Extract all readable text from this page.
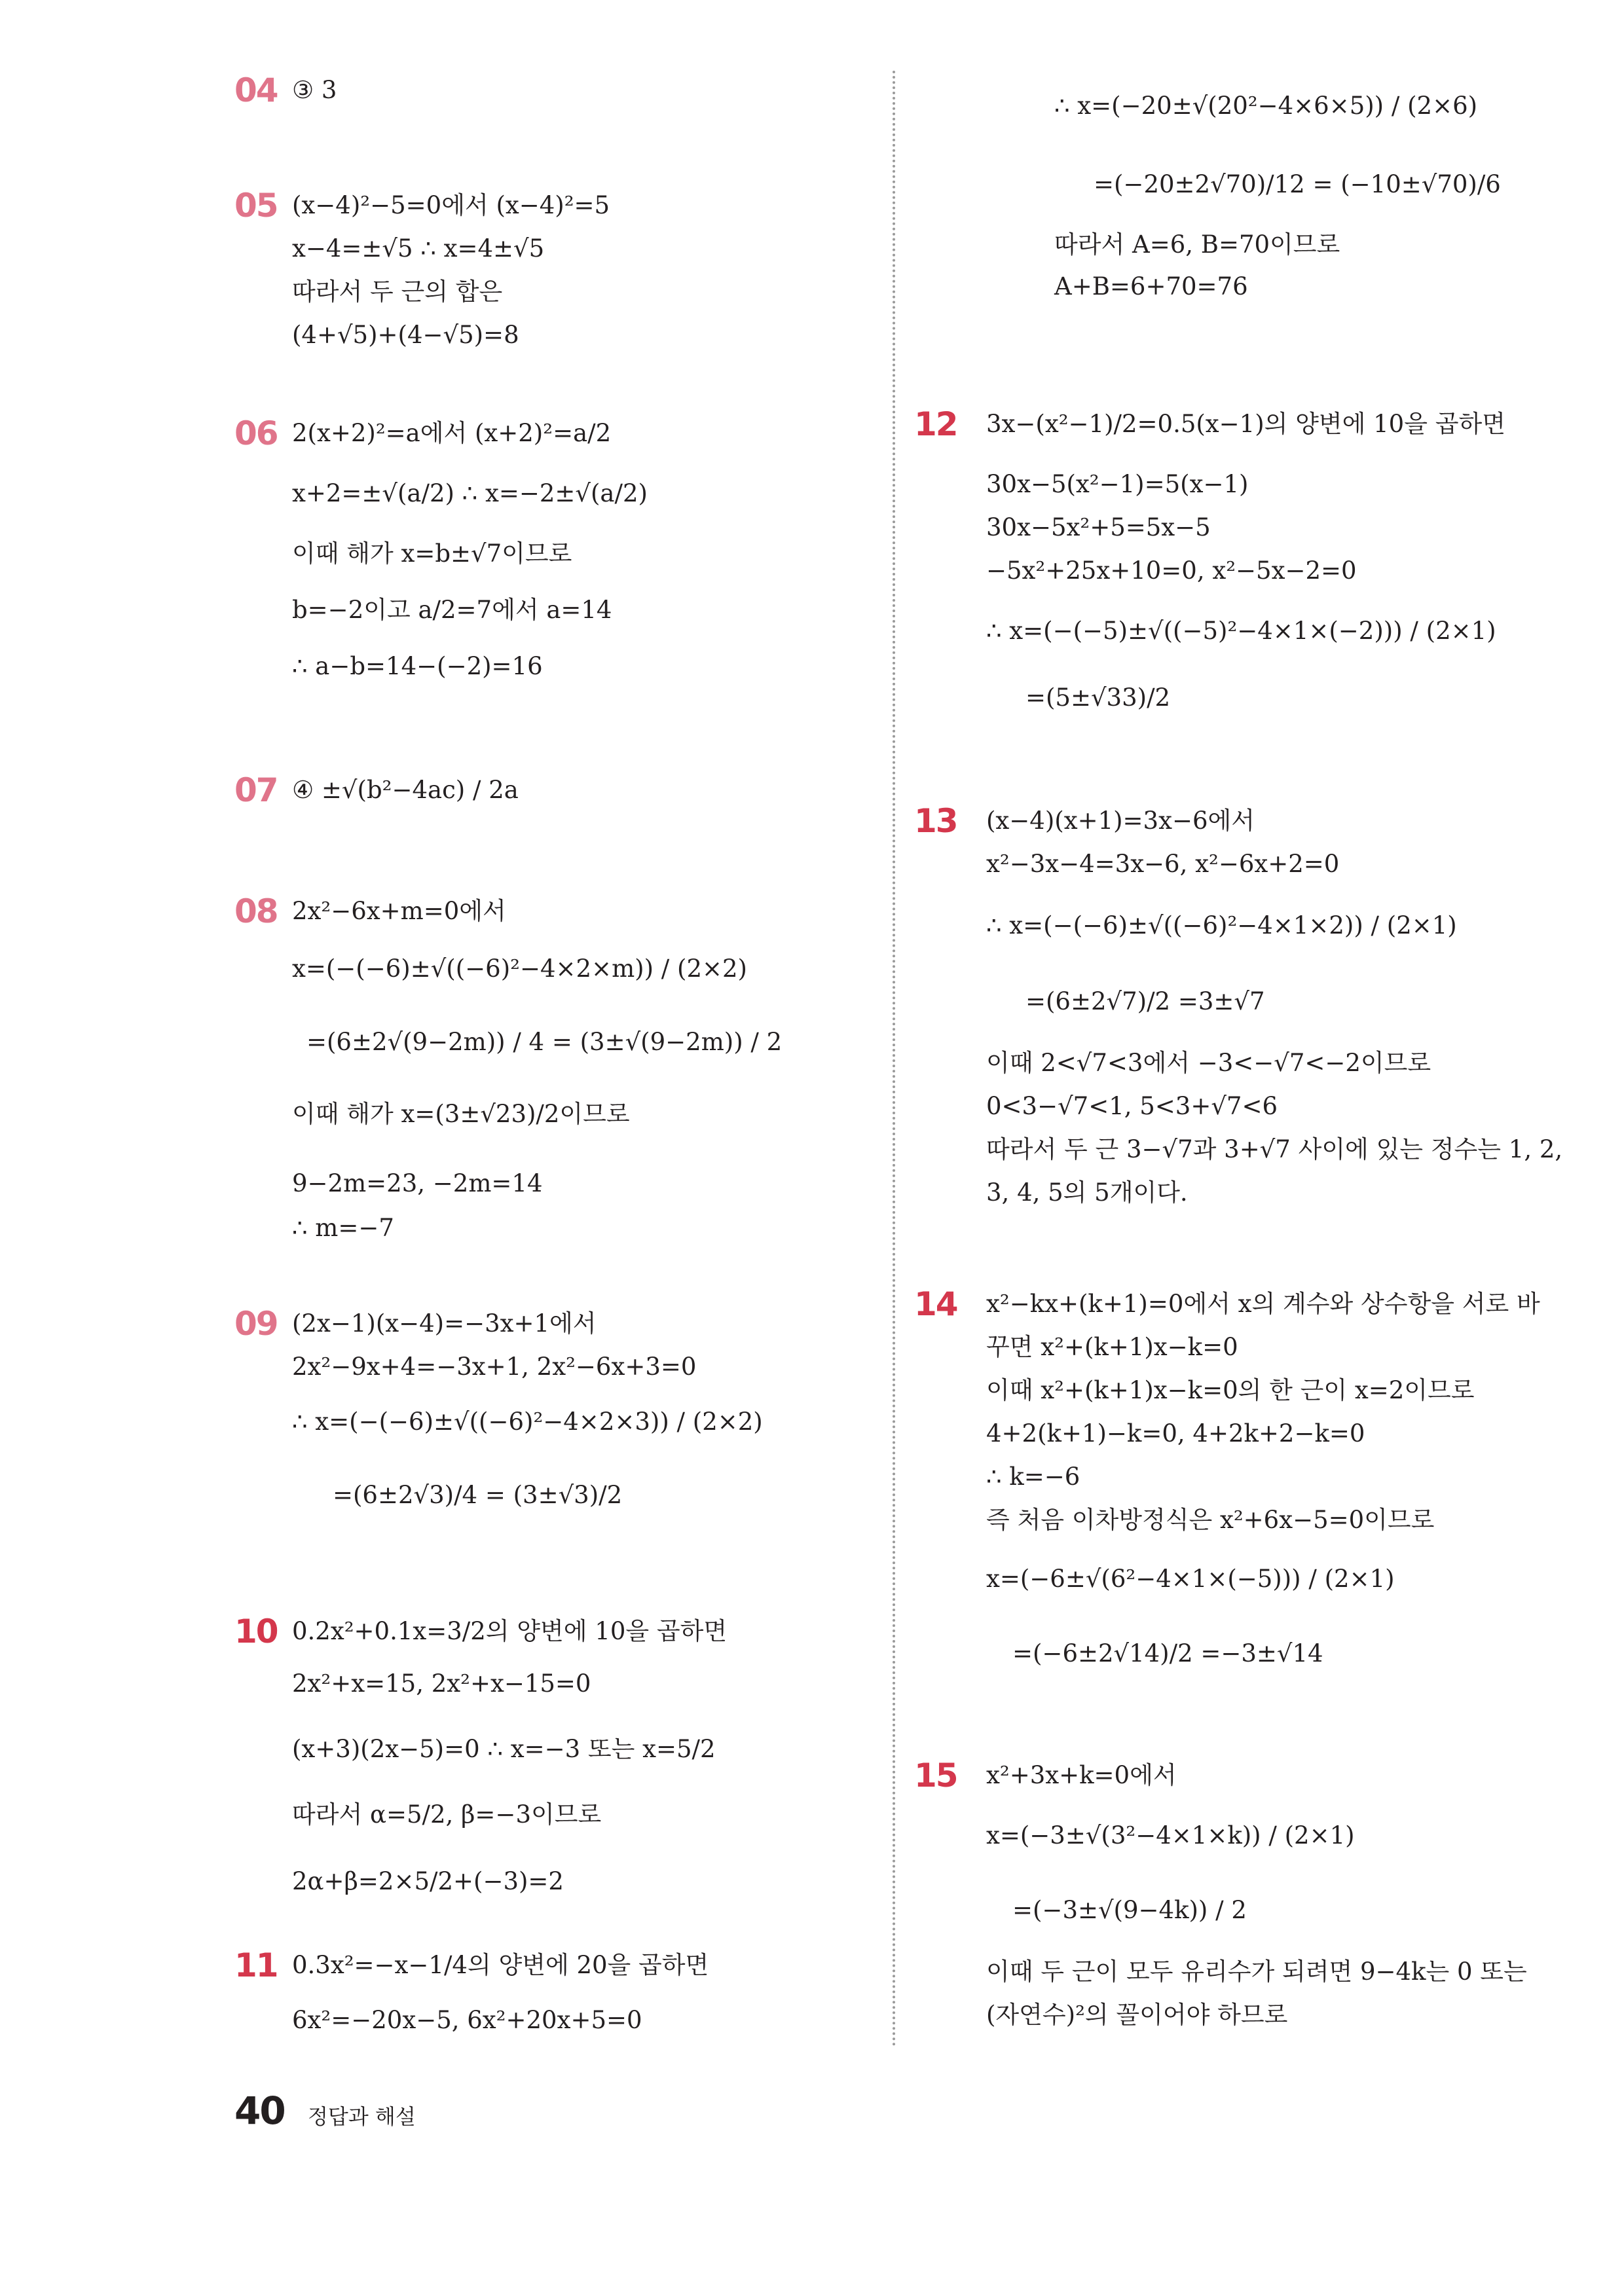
04 ③ 3
05 (x−4)²−5=0에서 (x−4)²=5
x−4=±√5 ∴ x=4±√5
따라서 두 근의 합은
(4+√5)+(4−√5)=8
06 2(x+2)²=a에서 (x+2)²=a/2
x+2=±√(a/2) ∴ x=−2±√(a/2)
이때 해가 x=b±√7이므로
b=−2이고 a/2=7에서 a=14
∴ a−b=14−(−2)=16
07 ④ ±√(b²−4ac) / 2a
08 2x²−6x+m=0에서
x=(−(−6)±√((−6)²−4×2×m)) / (2×2)
=(6±2√(9−2m)) / 4 = (3±√(9−2m)) / 2
이때 해가 x=(3±√23)/2이므로
9−2m=23, −2m=14
∴ m=−7
09 (2x−1)(x−4)=−3x+1에서
2x²−9x+4=−3x+1, 2x²−6x+3=0
∴ x=(−(−6)±√((−6)²−4×2×3)) / (2×2)
=(6±2√3)/4 = (3±√3)/2
10 0.2x²+0.1x=3/2의 양변에 10을 곱하면
2x²+x=15, 2x²+x−15=0
(x+3)(2x−5)=0 ∴ x=−3 또는 x=5/2
따라서 α=5/2, β=−3이므로
2α+β=2×5/2+(−3)=2
11 0.3x²=−x−1/4의 양변에 20을 곱하면
6x²=−20x−5, 6x²+20x+5=0
40 정답과 해설
∴ x=(−20±√(20²−4×6×5)) / (2×6)
=(−20±2√70)/12 = (−10±√70)/6
따라서 A=6, B=70이므로
A+B=6+70=76
12	3x−(x²−1)/2=0.5(x−1)의 양변에 10을 곱하면
30x−5(x²−1)=5(x−1)
30x−5x²+5=5x−5
−5x²+25x+10=0, x²−5x−2=0
∴ x=(−(−5)±√((−5)²−4×1×(−2))) / (2×1)
=(5±√33)/2
13	(x−4)(x+1)=3x−6에서
x²−3x−4=3x−6, x²−6x+2=0
∴ x=(−(−6)±√((−6)²−4×1×2)) / (2×1)
=(6±2√7)/2 =3±√7
이때 2<√7<3에서 −3<−√7<−2이므로
0<3−√7<1, 5<3+√7<6
따라서 두 근 3−√7과 3+√7 사이에 있는 정수는 1, 2,
3, 4, 5의 5개이다.
14	x²−kx+(k+1)=0에서 x의 계수와 상수항을 서로 바
꾸면 x²+(k+1)x−k=0
이때 x²+(k+1)x−k=0의 한 근이 x=2이므로
4+2(k+1)−k=0, 4+2k+2−k=0
∴ k=−6
즉 처음 이차방정식은 x²+6x−5=0이므로
x=(−6±√(6²−4×1×(−5))) / (2×1)
=(−6±2√14)/2 =−3±√14
15	x²+3x+k=0에서
x=(−3±√(3²−4×1×k)) / (2×1)
=(−3±√(9−4k)) / 2
이때 두 근이 모두 유리수가 되려면 9−4k는 0 또는
(자연수)²의 꼴이어야 하므로
